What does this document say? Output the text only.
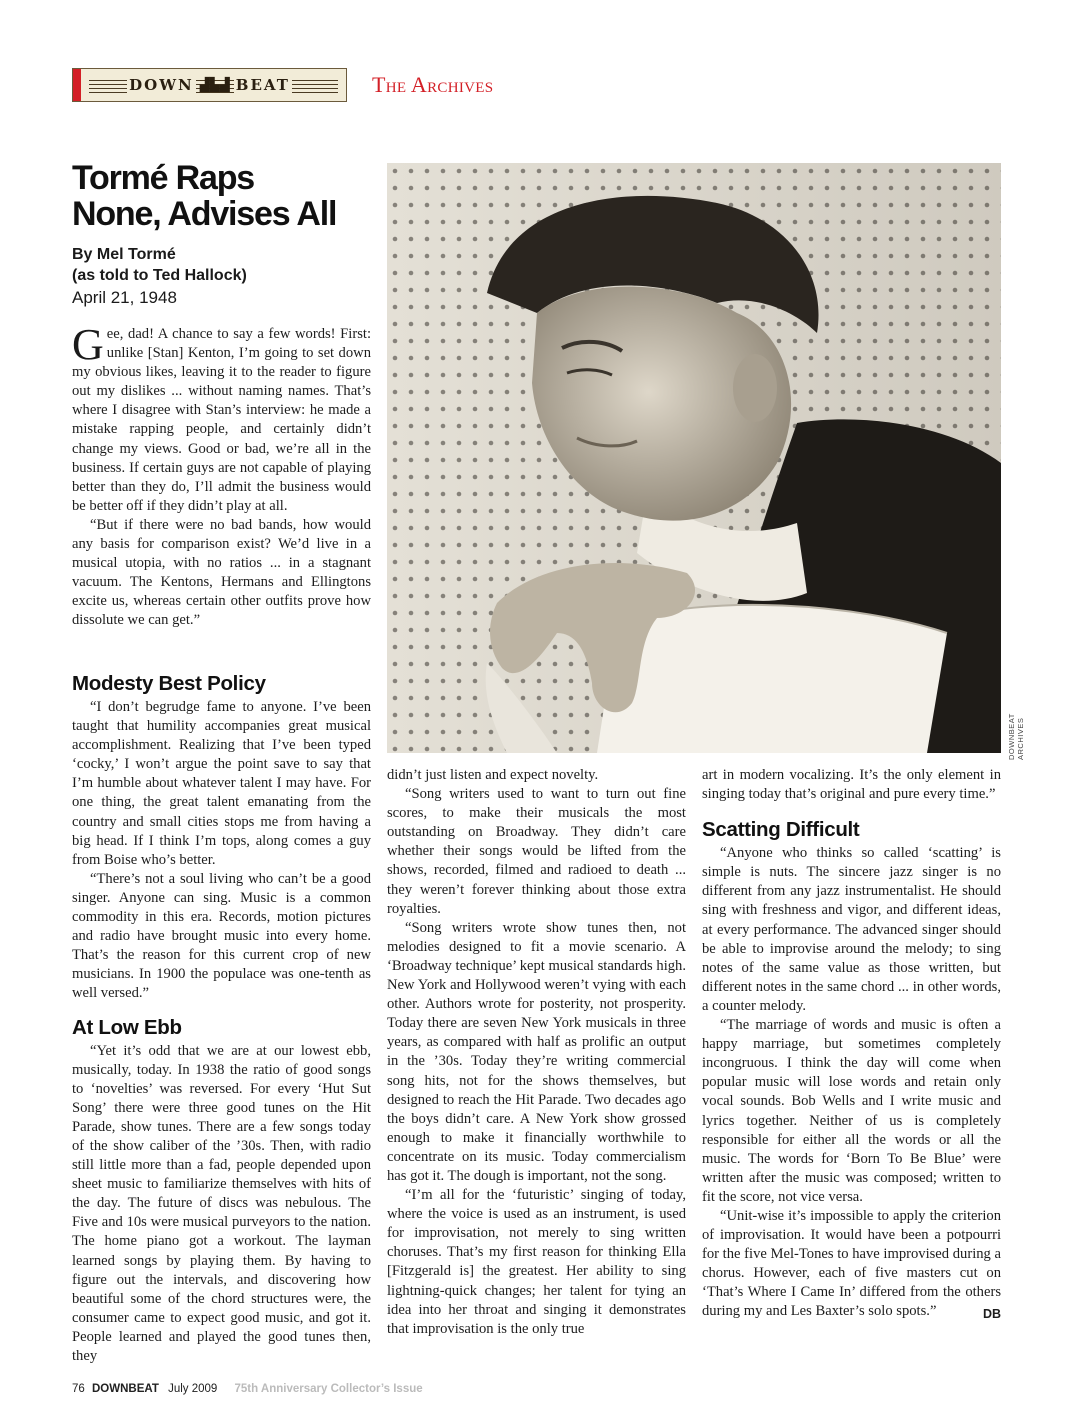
DOWN ▟▙▟ BEAT	The Archives
Tormé Raps
None, Advises All
By Mel Tormé
(as told to Ted Hallock)
April 21, 1948

Gee, dad! A chance to say a few words! First: unlike [Stan] Kenton, I’m going to set down my obvious likes, leaving it to the reader to figure out my dislikes ... without naming names. That’s where I disagree with Stan’s interview: he made a mistake rapping people, and certainly didn’t change my views. Good or bad, we’re all in the business. If certain guys are not capable of playing better than they do, I’ll admit the business would be better off if they didn’t play at all.

“But if there were no bad bands, how would any basis for comparison exist? We’d live in a musical utopia, with no ratios ... in a stagnant vacuum. The Kentons, Hermans and Ellingtons excite us, whereas certain other outfits prove how dissolute we can get.”

Modesty Best Policy

“I don’t begrudge fame to anyone. I’ve been taught that humility accompanies great musical accomplishment. Realizing that I’ve been typed ‘cocky,’ I won’t argue the point save to say that I’m humble about whatever talent I may have. For one thing, the great talent emanating from the country and small cities stops me from having a big head. If I think I’m tops, along comes a guy from Boise who’s better.

“There’s not a soul living who can’t be a good singer. Anyone can sing. Music is a common commodity in this era. Records, motion pictures and radio have brought music into every home. That’s the reason for this current crop of new musicians. In 1900 the populace was one-tenth as well versed.”

At Low Ebb

“Yet it’s odd that we are at our lowest ebb, musically, today. In 1938 the ratio of good songs to ‘novelties’ was reversed. For every ‘Hut Sut Song’ there were three good tunes on the Hit Parade, show tunes. There are a few songs today of the show caliber of the ’30s. Then, with radio still little more than a fad, people depended upon sheet music to familiarize themselves with hits of the day. The future of discs was nebulous. The Five and 10s were musical purveyors to the nation. The home piano got a workout. The layman learned songs by playing them. By having to figure out the intervals, and discovering how beautiful some of the chord structures were, the consumer came to expect good music, and got it. People learned and played the good tunes then, they

DOWNBEAT ARCHIVES

didn’t just listen and expect novelty.

“Song writers used to want to turn out fine scores, to make their musicals the most outstanding on Broadway. They didn’t care whether their songs would be lifted from the shows, recorded, filmed and radioed to death ... they weren’t forever thinking about those extra royalties.

“Song writers wrote show tunes then, not melodies designed to fit a movie scenario. A ‘Broadway technique’ kept musical standards high. New York and Hollywood weren’t vying with each other. Authors wrote for posterity, not prosperity. Today there are seven New York musicals in three years, as compared with half as prolific an output in the ’30s. Today they’re writing commercial song hits, not for the shows themselves, but designed to reach the Hit Parade. Two decades ago the boys didn’t care. A New York show grossed enough to make it financially worthwhile to concentrate on its music. Today commercialism has got it. The dough is important, not the song.

“I’m all for the ‘futuristic’ singing of today, where the voice is used as an instrument, is used for improvisation, not merely to sing written choruses. That’s my first reason for thinking Ella [Fitzgerald is] the greatest. Her ability to sing lightning-quick changes; her talent for tying an idea into her throat and singing it demonstrates that improvisation is the only true

art in modern vocalizing. It’s the only element in singing today that’s original and pure every time.”

Scatting Difficult

“Anyone who thinks so called ‘scatting’ is simple is nuts. The sincere jazz singer is no different from any jazz instrumentalist. He should sing with freshness and vigor, and different ideas, at every performance. The advanced singer should be able to improvise around the melody; to sing notes of the same value as those written, but different notes in the same chord ... in other words, a counter melody.

“The marriage of words and music is often a happy marriage, but sometimes completely incongruous. I think the day will come when popular music will lose words and retain only vocal sounds. Bob Wells and I write music and lyrics together. Neither of us is completely responsible for either all the words or all the music. The words for ‘Born To Be Blue’ were written after the music was composed; written to fit the score, not vice versa.

“Unit-wise it’s impossible to apply the criterion of improvisation. It would have been a potpourri for the five Mel-Tones to have improvised during a chorus. However, each of five masters cut on ‘That’s Where I Came In’ differed from the others during my and Les Baxter’s solo spots.”	DB

76 DOWNBEAT July 2009 75th Anniversary Collector’s Issue
